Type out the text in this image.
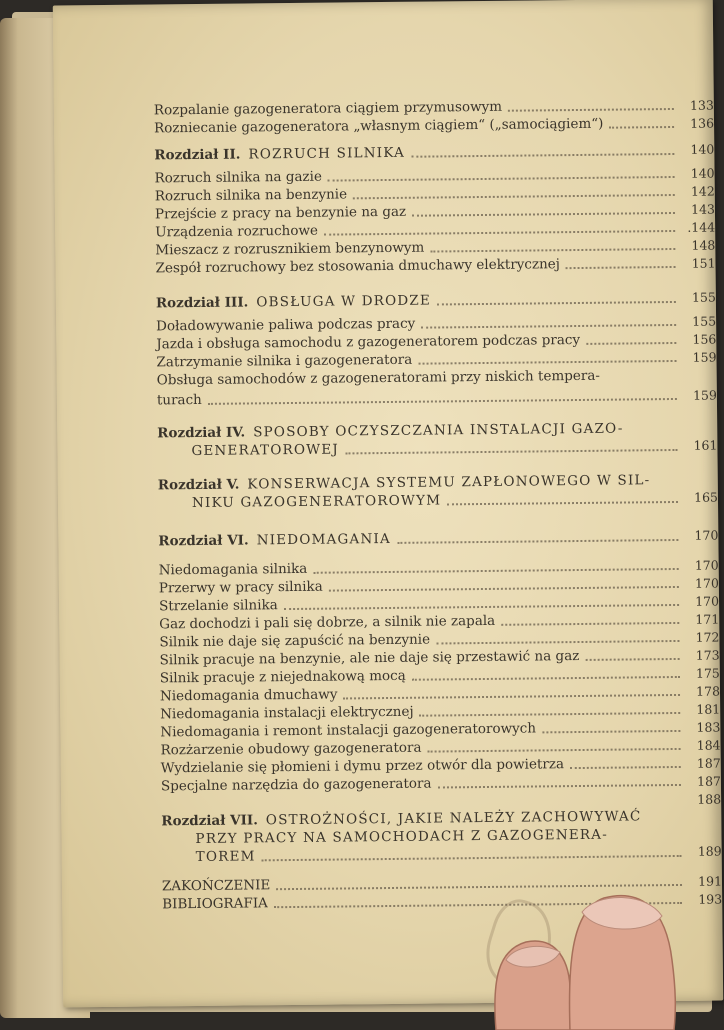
Rozpalanie gazogeneratora ciągiem przymusowym	133
Rozniecanie gazogeneratora „własnym ciągiem“ („samociągiem“)	136
Rozdział II. ROZRUCH SILNIKA	140
Rozruch silnika na gazie	140
Rozruch silnika na benzynie	142
Przejście z pracy na benzynie na gaz	143
Urządzenia rozruchowe	.144
Mieszacz z rozrusznikiem benzynowym	148
Zespół rozruchowy bez stosowania dmuchawy elektrycznej	151
Rozdział III. OBSŁUGA W DRODZE	155
Doładowywanie paliwa podczas pracy	155
Jazda i obsługa samochodu z gazogeneratorem podczas pracy	156
Zatrzymanie silnika i gazogeneratora	159
Obsługa samochodów z gazogeneratorami przy niskich tempera-
turach	159
Rozdział IV. SPOSOBY OCZYSZCZANIA INSTALACJI GAZO-
GENERATOROWEJ	161
Rozdział V. KONSERWACJA SYSTEMU ZAPŁONOWEGO W SIL-
NIKU GAZOGENERATOROWYM	165
Rozdział VI. NIEDOMAGANIA	170
Niedomagania silnika	170
Przerwy w pracy silnika	170
Strzelanie silnika	170
Gaz dochodzi i pali się dobrze, a silnik nie zapala	171
Silnik nie daje się zapuścić na benzynie	172
Silnik pracuje na benzynie, ale nie daje się przestawić na gaz	173
Silnik pracuje z niejednakową mocą	175
Niedomagania dmuchawy	178
Niedomagania instalacji elektrycznej	181
Niedomagania i remont instalacji gazogeneratorowych	183
Rozżarzenie obudowy gazogeneratora	184
Wydzielanie się płomieni i dymu przez otwór dla powietrza	187
Specjalne narzędzia do gazogeneratora	187
188
Rozdział VII. OSTROŻNOŚCI, JAKIE NALEŻY ZACHOWYWAĆ
PRZY PRACY NA SAMOCHODACH Z GAZOGENERA-
TOREM	189
ZAKOŃCZENIE	191
BIBLIOGRAFIA	193
